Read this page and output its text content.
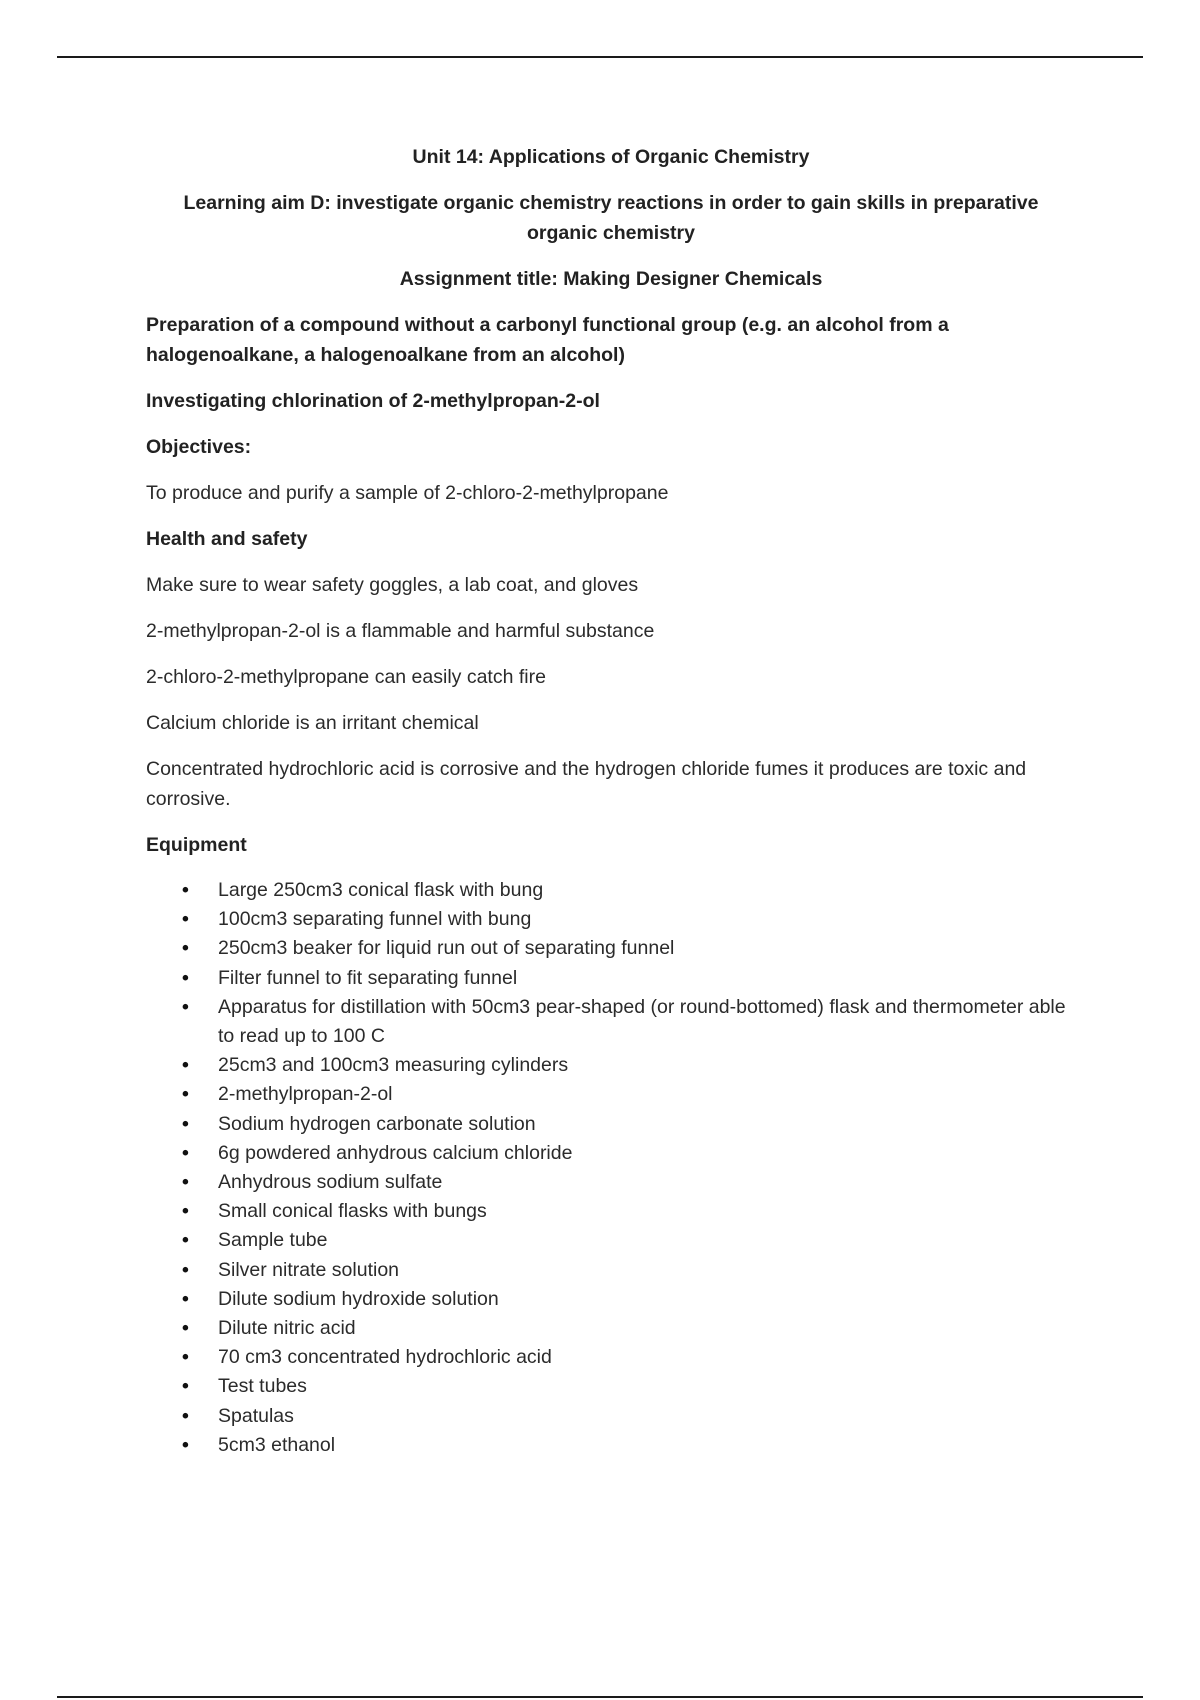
Unit 14: Applications of Organic Chemistry

Learning aim D: investigate organic chemistry reactions in order to gain skills in preparative organic chemistry

Assignment title: Making Designer Chemicals

Preparation of a compound without a carbonyl functional group (e.g. an alcohol from a halogenoalkane, a halogenoalkane from an alcohol)

Investigating chlorination of 2-methylpropan-2-ol

Objectives:

To produce and purify a sample of 2-chloro-2-methylpropane

Health and safety

Make sure to wear safety goggles, a lab coat, and gloves

2-methylpropan-2-ol is a flammable and harmful substance

2-chloro-2-methylpropane can easily catch fire

Calcium chloride is an irritant chemical

Concentrated hydrochloric acid is corrosive and the hydrogen chloride fumes it produces are toxic and corrosive.

Equipment

• Large 250cm3 conical flask with bung
• 100cm3 separating funnel with bung
• 250cm3 beaker for liquid run out of separating funnel
• Filter funnel to fit separating funnel
• Apparatus for distillation with 50cm3 pear-shaped (or round-bottomed) flask and thermometer able to read up to 100 C
• 25cm3 and 100cm3 measuring cylinders
• 2-methylpropan-2-ol
• Sodium hydrogen carbonate solution
• 6g powdered anhydrous calcium chloride
• Anhydrous sodium sulfate
• Small conical flasks with bungs
• Sample tube
• Silver nitrate solution
• Dilute sodium hydroxide solution
• Dilute nitric acid
• 70 cm3 concentrated hydrochloric acid
• Test tubes
• Spatulas
• 5cm3 ethanol
